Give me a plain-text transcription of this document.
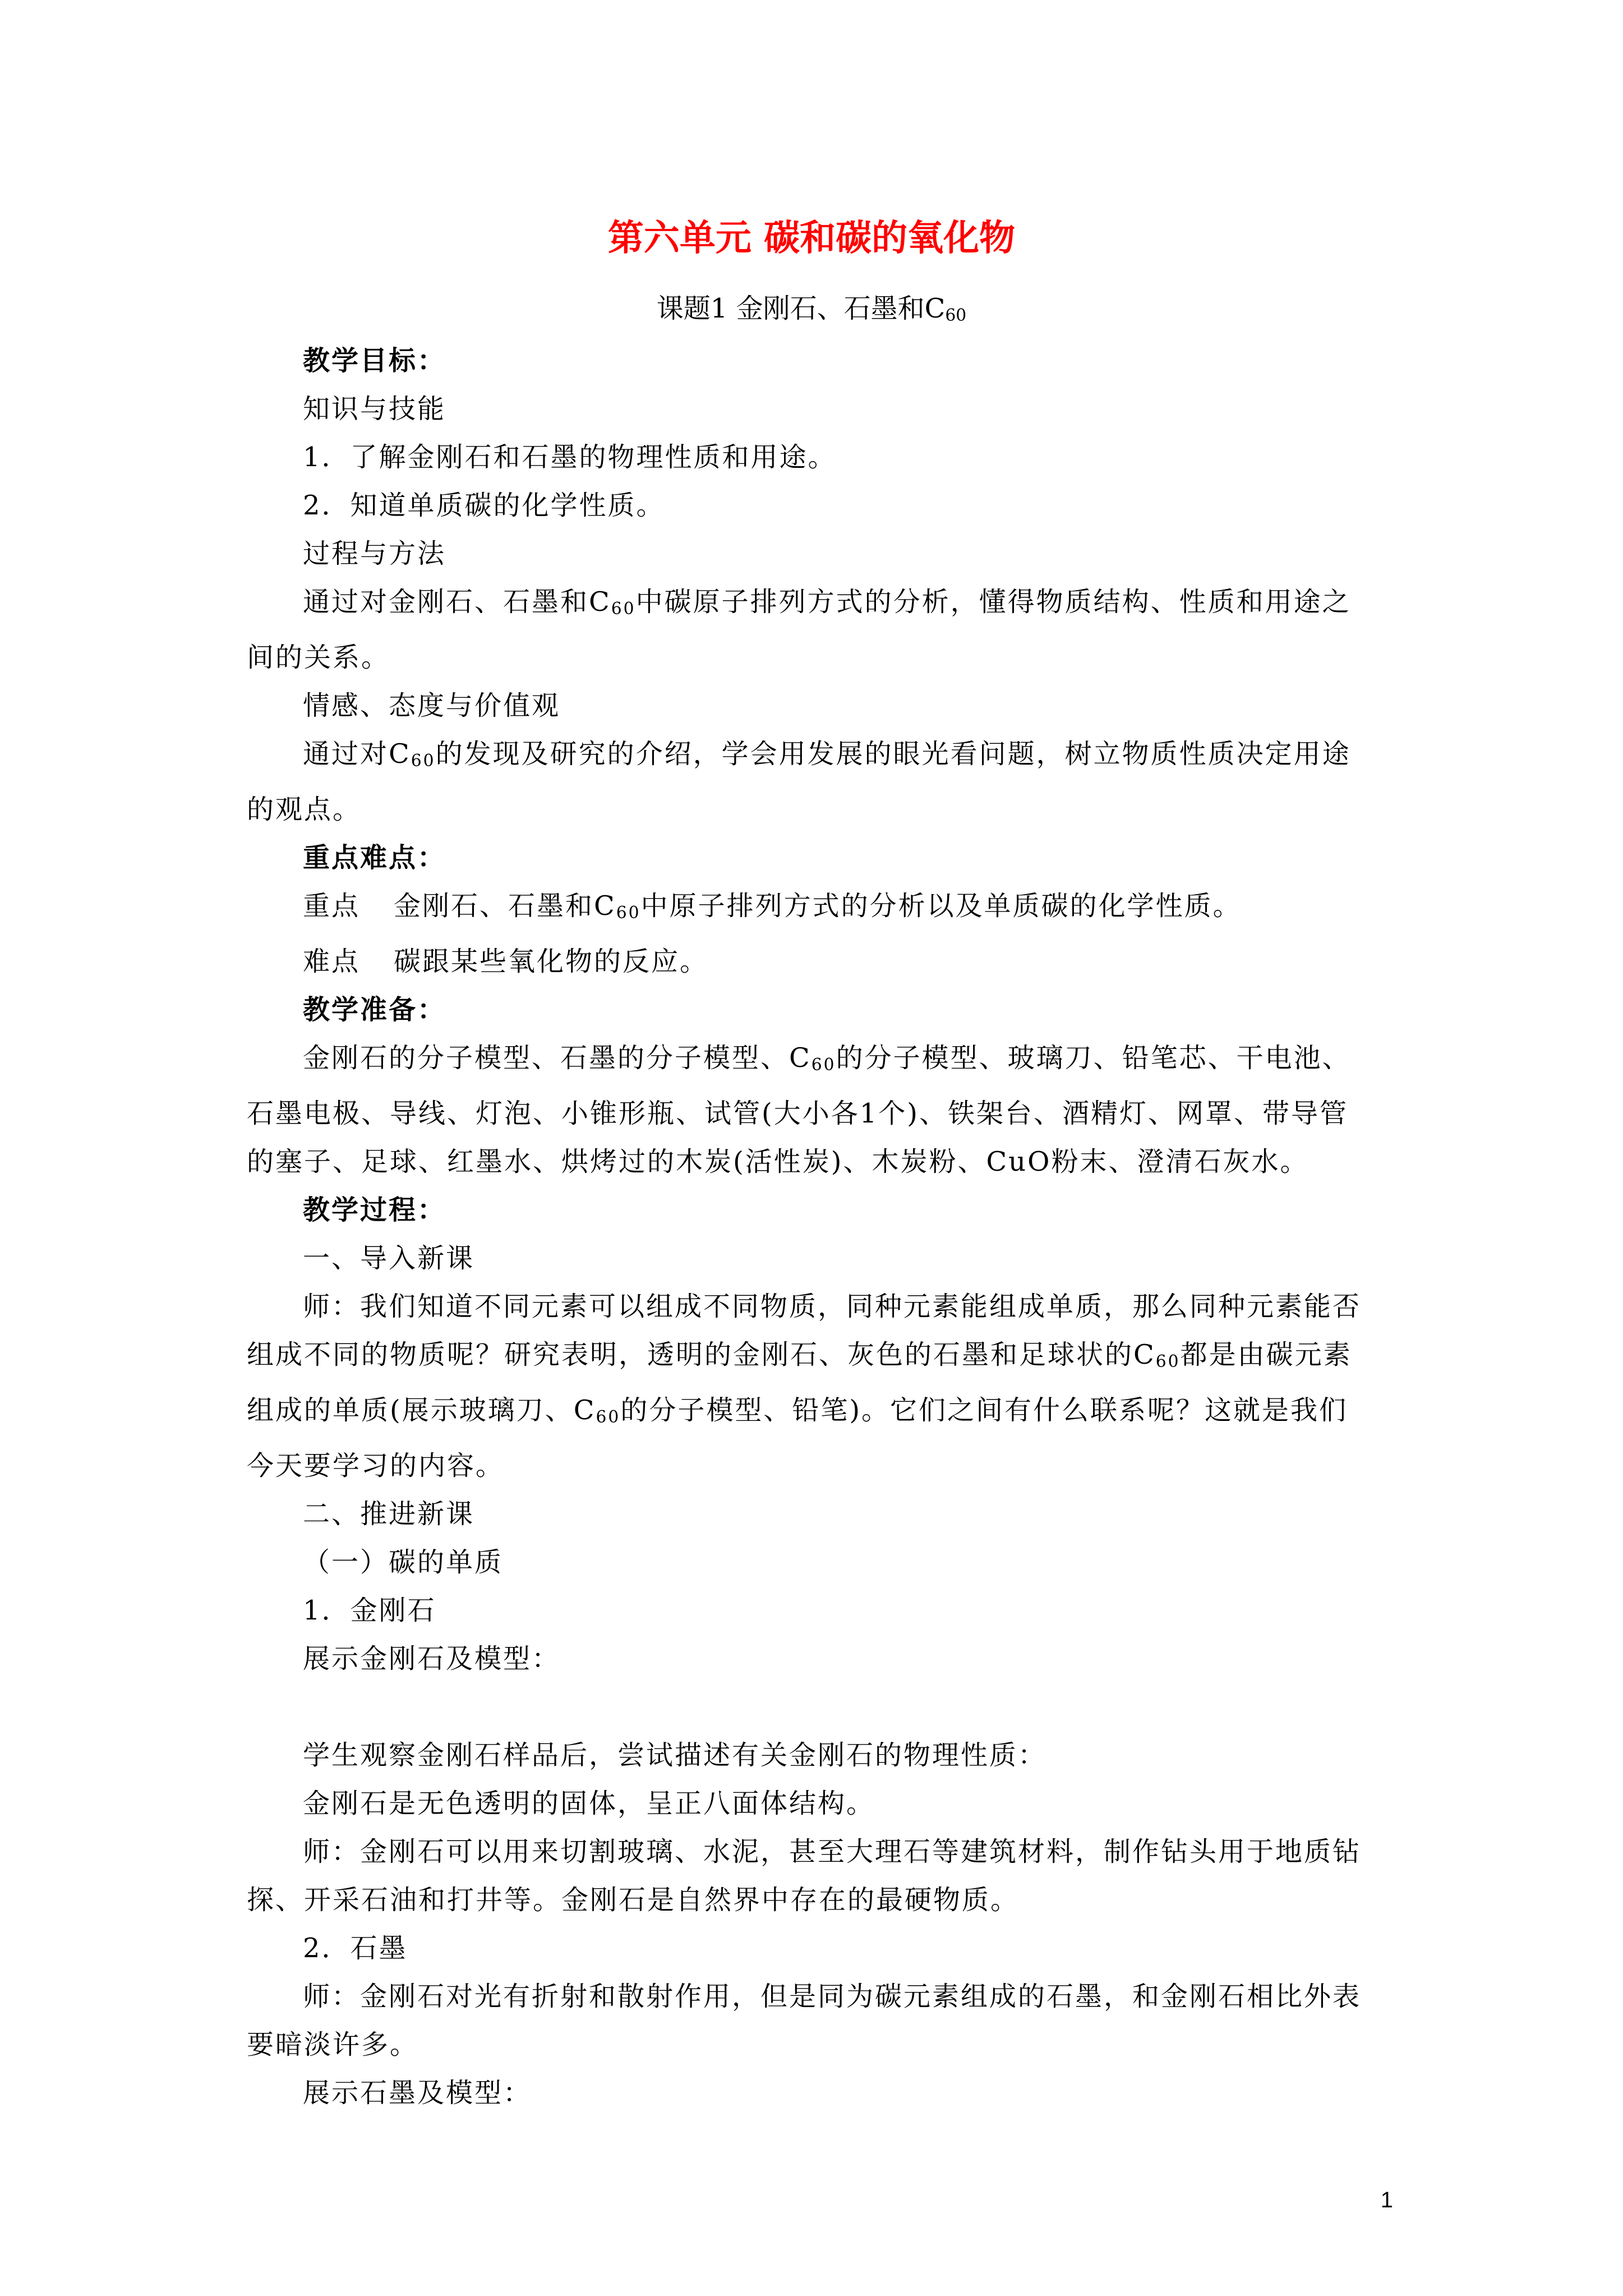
第六单元 碳和碳的氧化物
课题1 金刚石、石墨和C60

教学目标：

知识与技能

1．了解金刚石和石墨的物理性质和用途。

2．知道单质碳的化学性质。

过程与方法

通过对金刚石、石墨和C60中碳原子排列方式的分析，懂得物质结构、性质和用途之间的关系。

情感、态度与价值观

通过对C60的发现及研究的介绍，学会用发展的眼光看问题，树立物质性质决定用途的观点。

重点难点：

重点 金刚石、石墨和C60中原子排列方式的分析以及单质碳的化学性质。

难点 碳跟某些氧化物的反应。

教学准备：

金刚石的分子模型、石墨的分子模型、C60的分子模型、玻璃刀、铅笔芯、干电池、石墨电极、导线、灯泡、小锥形瓶、试管(大小各1个)、铁架台、酒精灯、网罩、带导管的塞子、足球、红墨水、烘烤过的木炭(活性炭)、木炭粉、CuO粉末、澄清石灰水。

教学过程：

一、导入新课

师：我们知道不同元素可以组成不同物质，同种元素能组成单质，那么同种元素能否组成不同的物质呢？研究表明，透明的金刚石、灰色的石墨和足球状的C60都是由碳元素组成的单质(展示玻璃刀、C60的分子模型、铅笔)。它们之间有什么联系呢？这就是我们今天要学习的内容。

二、推进新课

（一）碳的单质

1．金刚石

展示金刚石及模型：

学生观察金刚石样品后，尝试描述有关金刚石的物理性质：

金刚石是无色透明的固体，呈正八面体结构。

师：金刚石可以用来切割玻璃、水泥，甚至大理石等建筑材料，制作钻头用于地质钻探、开采石油和打井等。金刚石是自然界中存在的最硬物质。

2．石墨

师：金刚石对光有折射和散射作用，但是同为碳元素组成的石墨，和金刚石相比外表要暗淡许多。

展示石墨及模型：

1
